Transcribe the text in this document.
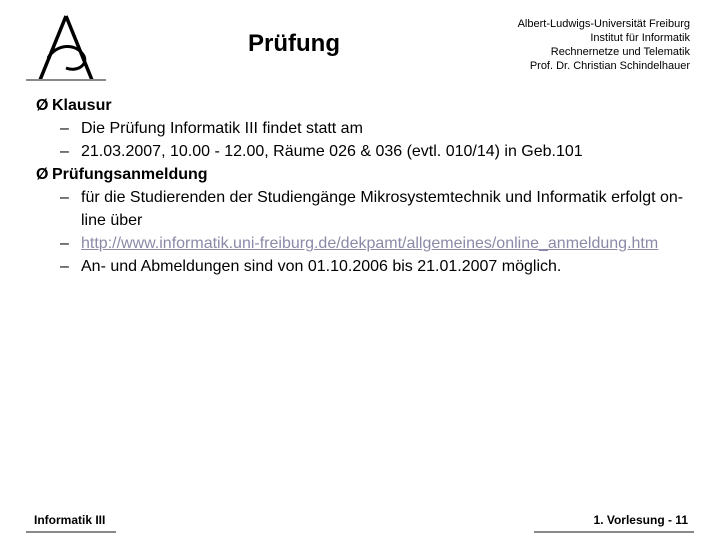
Prüfung
Albert-Ludwigs-Universität Freiburg
Institut für Informatik
Rechnernetze und Telematik
Prof. Dr. Christian Schindelhauer
Ø Klausur
– Die Prüfung Informatik III findet statt am
– 21.03.2007, 10.00 - 12.00, Räume 026 & 036 (evtl. 010/14) in Geb.101
Ø Prüfungsanmeldung
– für die Studierenden der Studiengänge Mikrosystemtechnik und Informatik erfolgt on-line über
– http://www.informatik.uni-freiburg.de/dekpamt/allgemeines/online_anmeldung.htm
– An- und Abmeldungen sind von 01.10.2006 bis 21.01.2007 möglich.
Informatik III	1. Vorlesung - 11
